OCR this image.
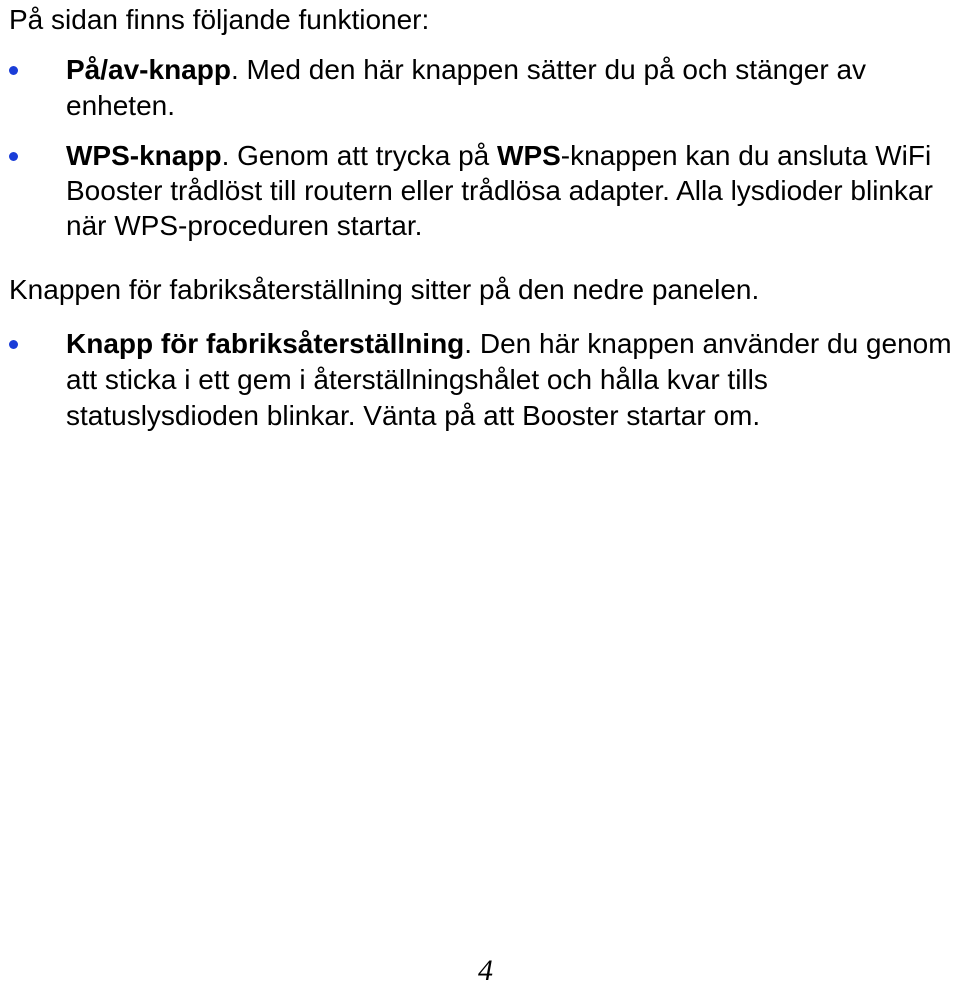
På sidan finns följande funktioner:

På/av-knapp. Med den här knappen sätter du på och stänger av enheten.

WPS-knapp. Genom att trycka på WPS-knappen kan du ansluta WiFi Booster trådlöst till routern eller trådlösa adapter. Alla lysdioder blinkar när WPS-proceduren startar.

Knappen för fabriksåterställning sitter på den nedre panelen.

Knapp för fabriksåterställning. Den här knappen använder du genom att sticka i ett gem i återställningshålet och hålla kvar tills statuslysdioden blinkar. Vänta på att Booster startar om.

4
